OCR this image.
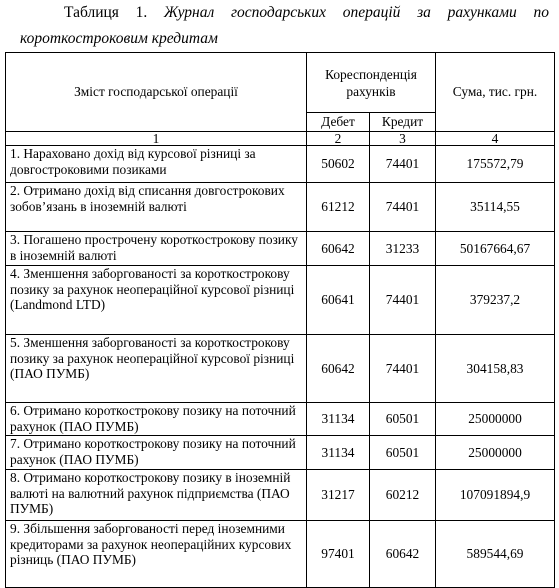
Таблиця 1. Журнал господарських операцій за рахунками по
короткостроковим кредитам
Зміст господарської операції	Кореспонденція рахунків		Сума, тис. грн.
	Дебет	Кредит	
1	2	3	4
1. Нараховано дохід від курсової різниці за довгостроковими позиками	50602	74401	175572,79
2. Отримано дохід від списання довгострокових зобов’язань в іноземній валюті	61212	74401	35114,55
3. Погашено прострочену короткострокову позику в іноземній валюті	60642	31233	50167664,67
4. Зменшення заборгованості за короткострокову позику за рахунок неопераційної курсової різниці (Landmond LTD)	60641	74401	379237,2
5. Зменшення заборгованості за короткострокову позику за рахунок неопераційної курсової різниці (ПАО ПУМБ)	60642	74401	304158,83
6. Отримано короткострокову позику на поточний рахунок (ПАО ПУМБ)	31134	60501	25000000
7. Отримано короткострокову позику на поточний рахунок (ПАО ПУМБ)	31134	60501	25000000
8. Отримано короткострокову позику в іноземній валюті на валютний рахунок підприємства (ПАО ПУМБ)	31217	60212	107091894,9
9. Збільшення заборгованості перед іноземними кредиторами за рахунок неопераційних курсових різниць (ПАО ПУМБ)	97401	60642	589544,69
